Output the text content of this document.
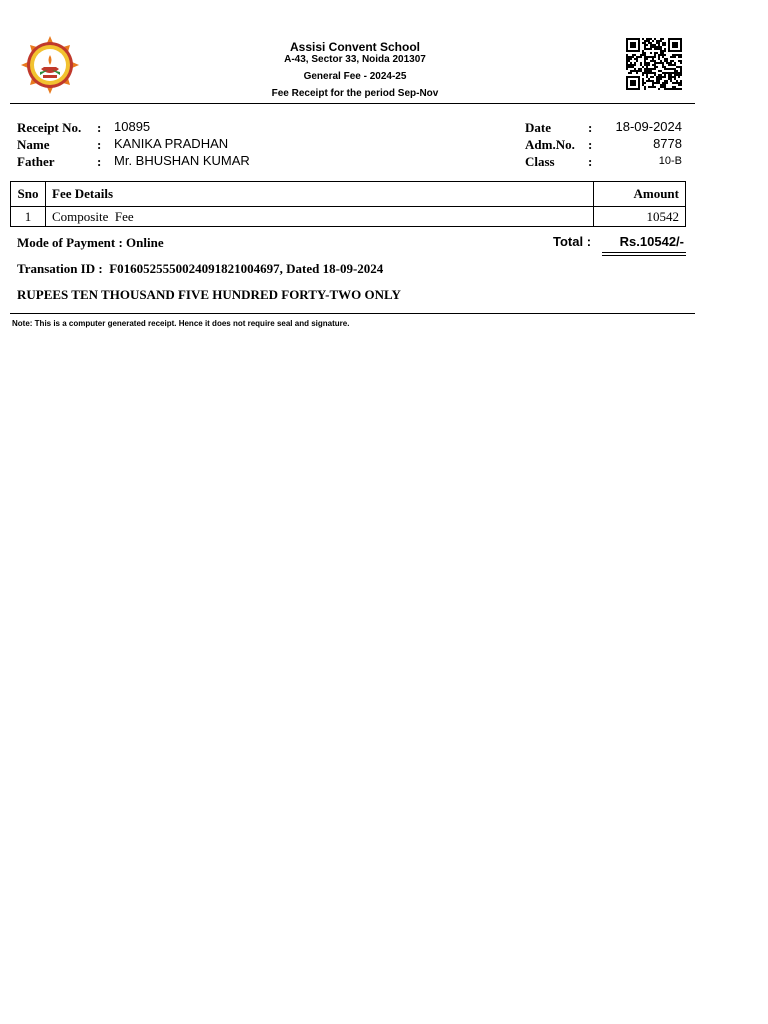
Assisi Convent School
A-43, Sector 33, Noida 201307
General Fee - 2024-25
Fee Receipt for the period Sep-Nov
Receipt No. : 10895
Name	: KANIKA PRADHAN
Father	: Mr. BHUSHAN KUMAR
Date	: 18-09-2024
Adm.No. :	8778
Class	:	10-B
Sno	Fee Details	Amount
1	Composite  Fee	10542
Mode of Payment : Online	Total : Rs.10542/-
Transation ID :  F0160525550024091821004697, Dated 18-09-2024
RUPEES TEN THOUSAND FIVE HUNDRED FORTY-TWO ONLY
Note: This is a computer generated receipt. Hence it does not require seal and signature.
